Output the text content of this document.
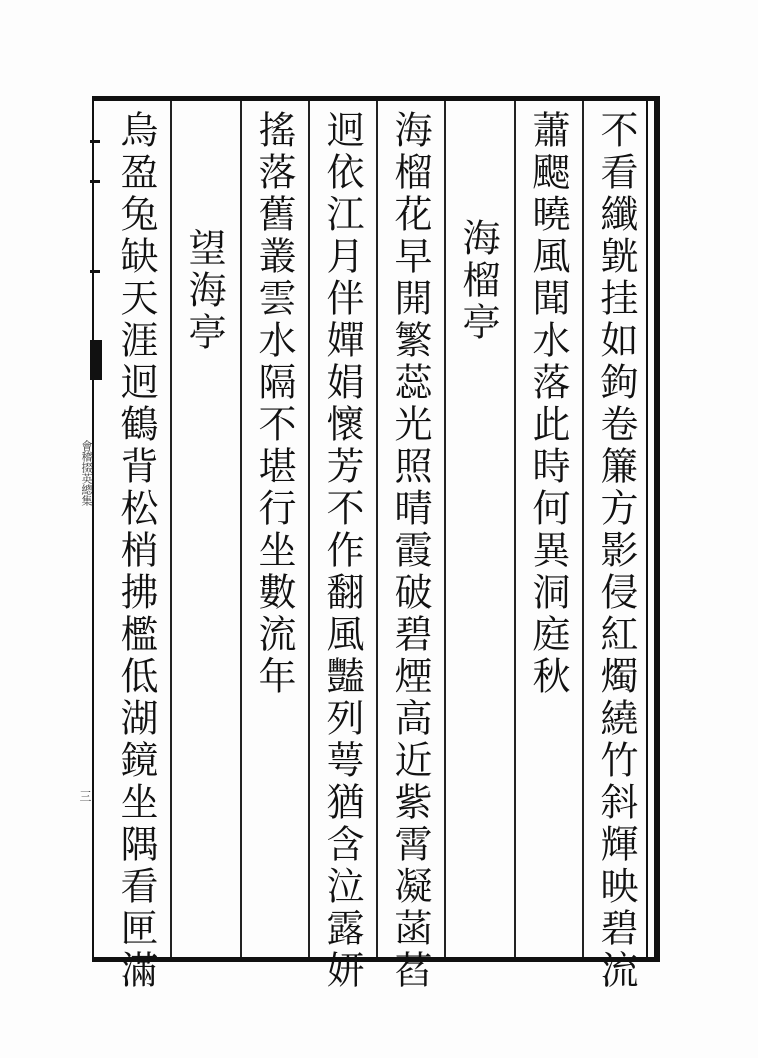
會稽掇英總集
三	不看纖皝挂如鉤卷簾方影侵紅燭繞竹斜輝映碧流
蕭颸曉風聞水落此時何異洞庭秋
海榴亭
海榴花早開繁蕊光照晴霞破碧煙高近紫霄凝菡萏
迥依江月伴嬋娟懷芳不作翻風豔列萼猶含泣露妍
搖落舊叢雲水隔不堪行坐數流年
望海亭
烏盈兔缺天涯迥鶴背松梢拂檻低湖鏡坐隅看匣滿
